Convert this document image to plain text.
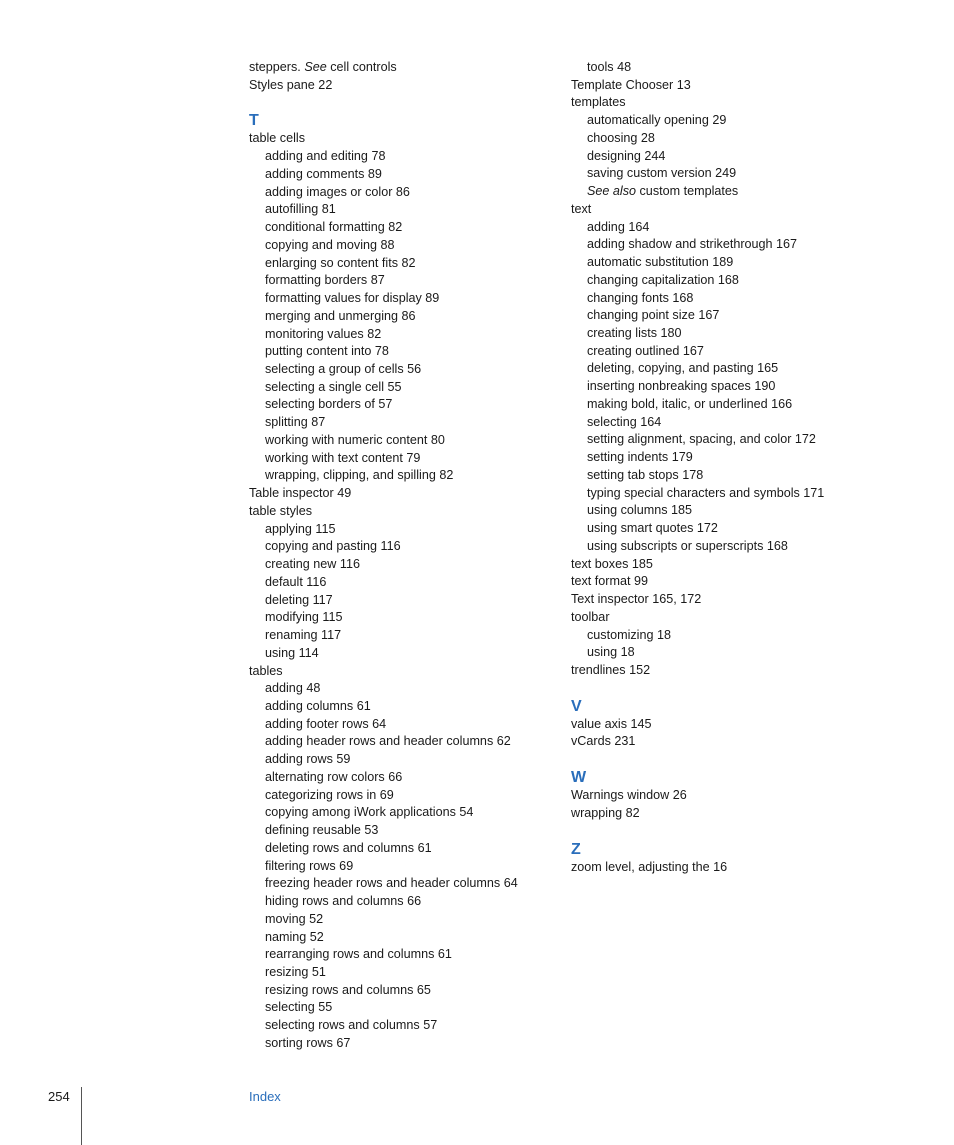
steppers. See cell controls
Styles pane 22
T
table cells
adding and editing 78
adding comments 89
adding images or color 86
autofilling 81
conditional formatting 82
copying and moving 88
enlarging so content fits 82
formatting borders 87
formatting values for display 89
merging and unmerging 86
monitoring values 82
putting content into 78
selecting a group of cells 56
selecting a single cell 55
selecting borders of 57
splitting 87
working with numeric content 80
working with text content 79
wrapping, clipping, and spilling 82
Table inspector 49
table styles
applying 115
copying and pasting 116
creating new 116
default 116
deleting 117
modifying 115
renaming 117
using 114
tables
adding 48
adding columns 61
adding footer rows 64
adding header rows and header columns 62
adding rows 59
alternating row colors 66
categorizing rows in 69
copying among iWork applications 54
defining reusable 53
deleting rows and columns 61
filtering rows 69
freezing header rows and header columns 64
hiding rows and columns 66
moving 52
naming 52
rearranging rows and columns 61
resizing 51
resizing rows and columns 65
selecting 55
selecting rows and columns 57
sorting rows 67
tools 48
Template Chooser 13
templates
automatically opening 29
choosing 28
designing 244
saving custom version 249
See also custom templates
text
adding 164
adding shadow and strikethrough 167
automatic substitution 189
changing capitalization 168
changing fonts 168
changing point size 167
creating lists 180
creating outlined 167
deleting, copying, and pasting 165
inserting nonbreaking spaces 190
making bold, italic, or underlined 166
selecting 164
setting alignment, spacing, and color 172
setting indents 179
setting tab stops 178
typing special characters and symbols 171
using columns 185
using smart quotes 172
using subscripts or superscripts 168
text boxes 185
text format 99
Text inspector 165, 172
toolbar
customizing 18
using 18
trendlines 152
V
value axis 145
vCards 231
W
Warnings window 26
wrapping 82
Z
zoom level, adjusting the 16
254	Index
